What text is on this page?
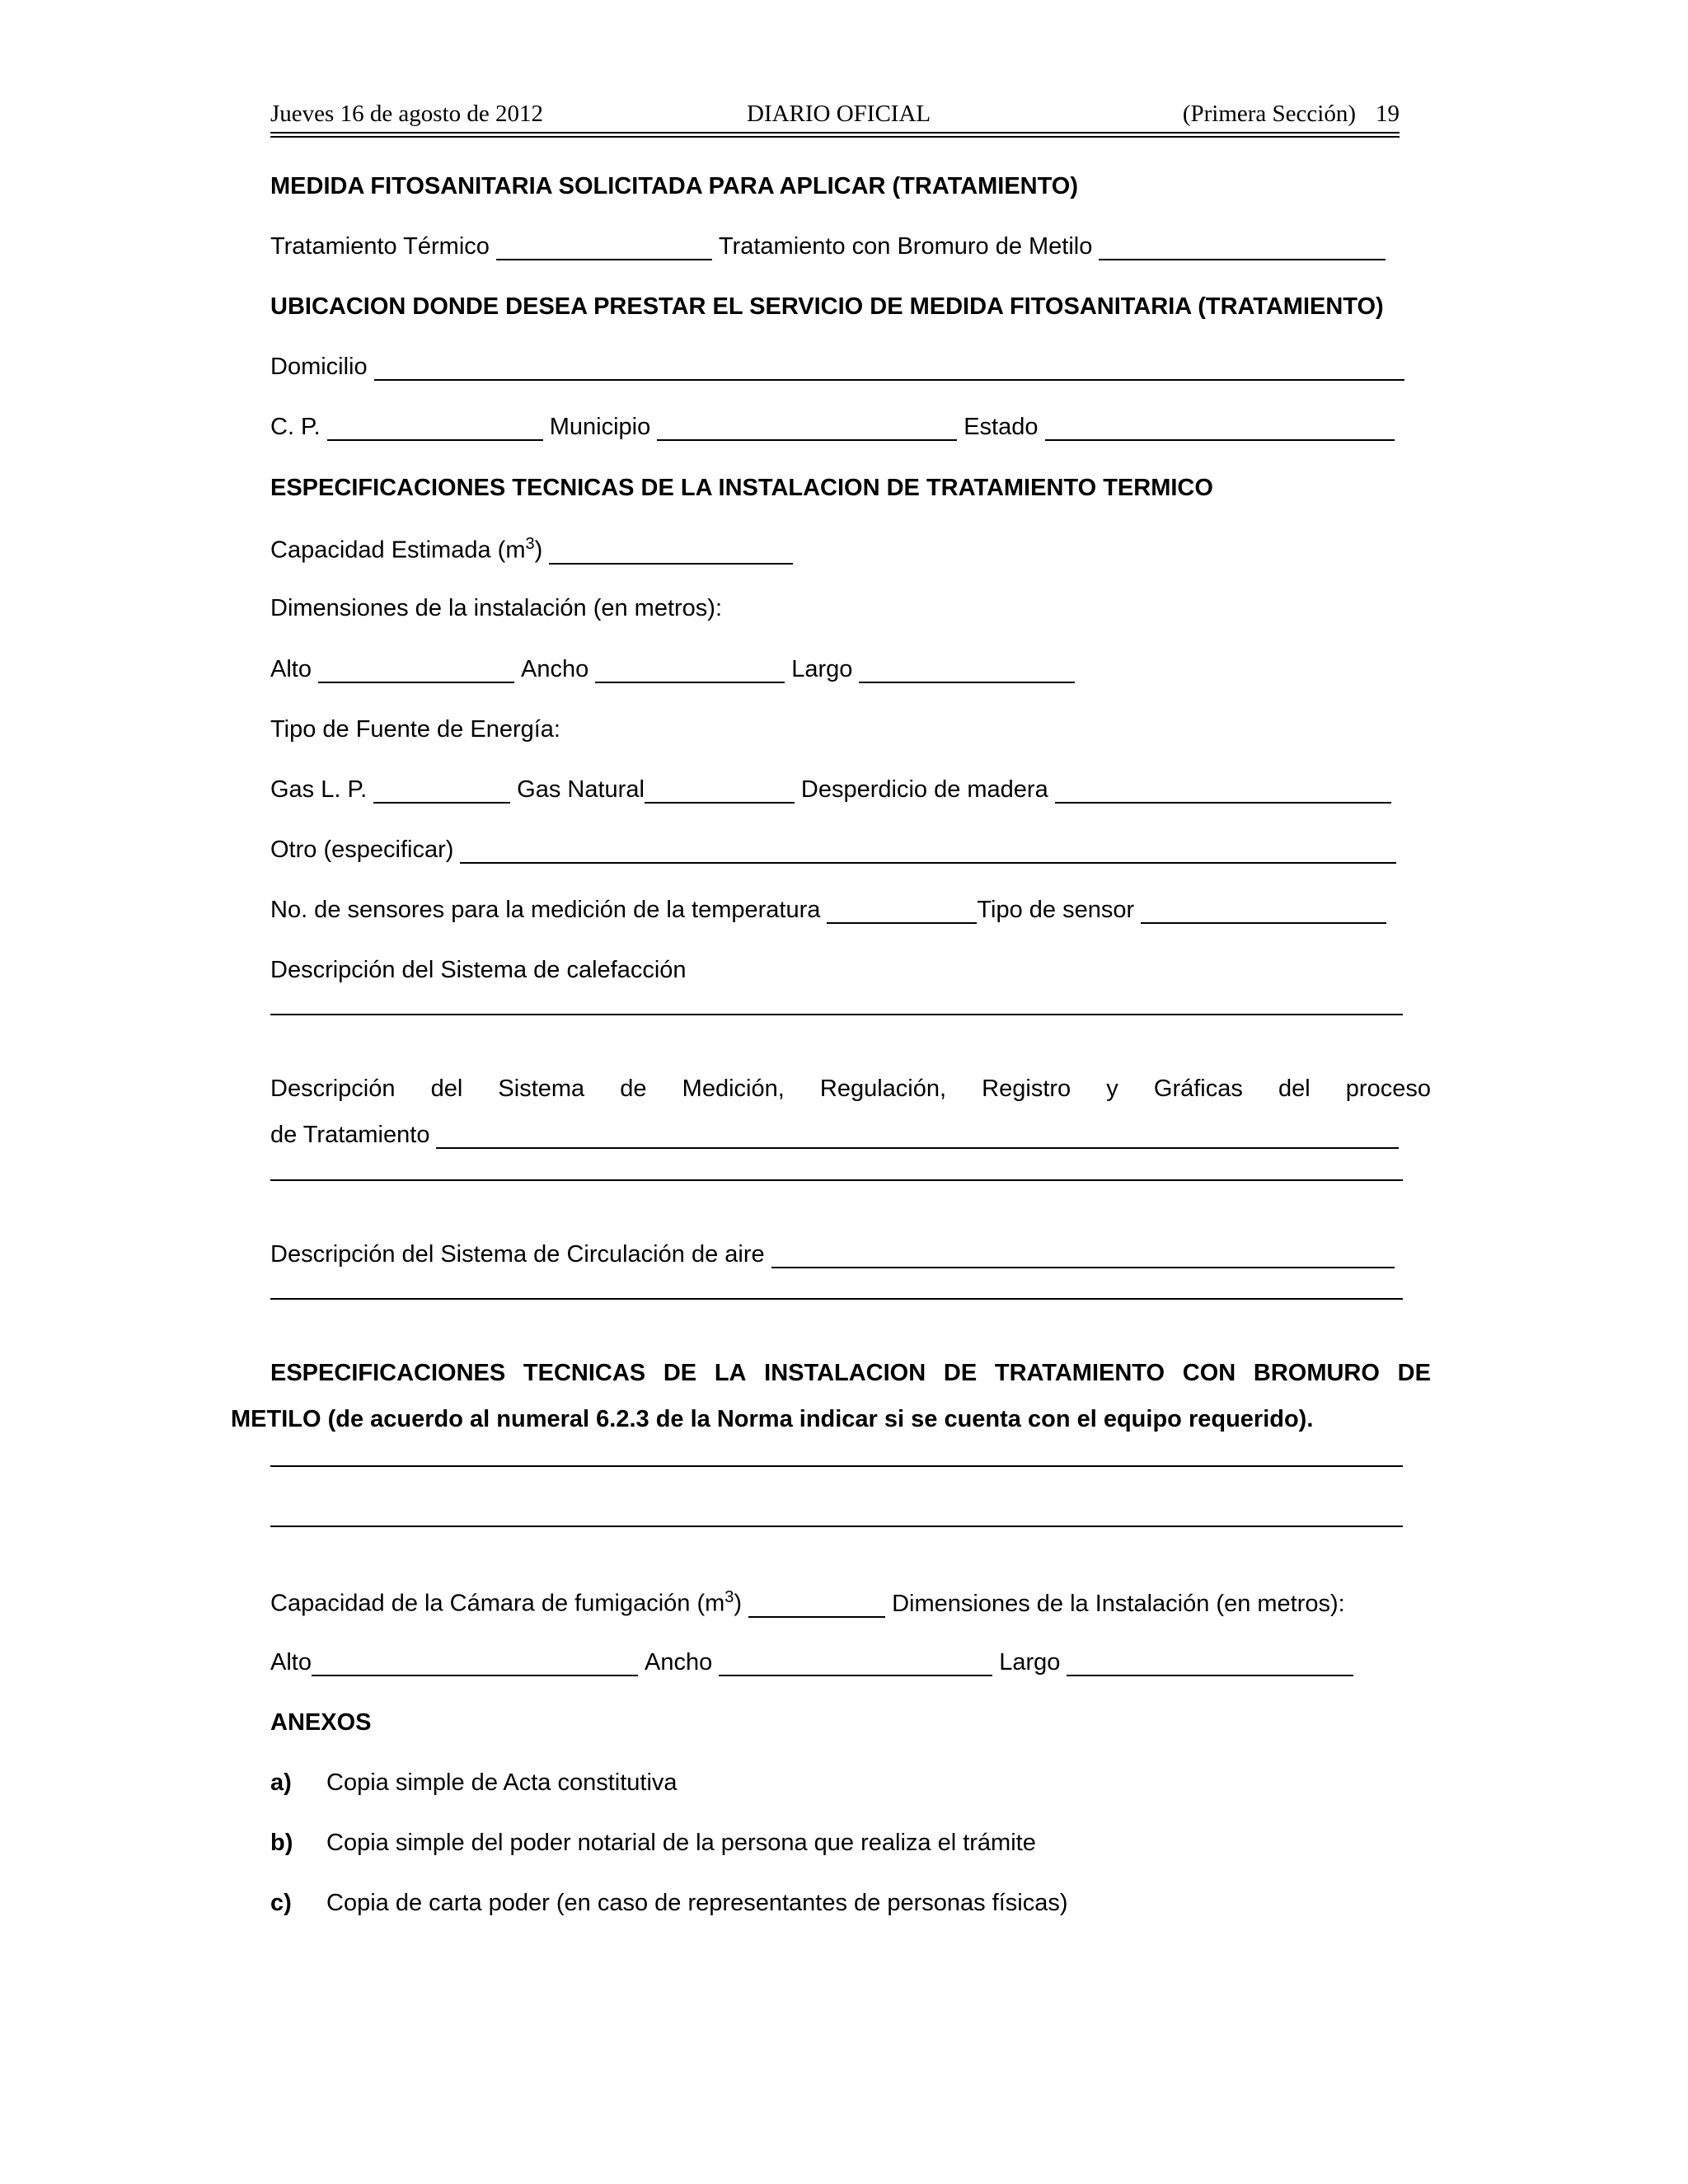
Jueves 16 de agosto de 2012	DIARIO OFICIAL	(Primera Sección) 19
MEDIDA FITOSANITARIA SOLICITADA PARA APLICAR (TRATAMIENTO)
Tratamiento Térmico	Tratamiento con Bromuro de Metilo
UBICACION DONDE DESEA PRESTAR EL SERVICIO DE MEDIDA FITOSANITARIA (TRATAMIENTO)
Domicilio
C. P.	Municipio	Estado
ESPECIFICACIONES TECNICAS DE LA INSTALACION DE TRATAMIENTO TERMICO
Capacidad Estimada $(m^3)$
Dimensiones de la instalación (en metros):
Alto	Ancho	Largo
Tipo de Fuente de Energía:
Gas L. P.	Gas Natural	Desperdicio de madera
Otro (especificar)
No. de sensores para la medición de la temperatura	Tipo de sensor
Descripción del Sistema de calefacción
Descripción del Sistema de Medición, Regulación, Registro y Gráficas del proceso
de Tratamiento
Descripción del Sistema de Circulación de aire
ESPECIFICACIONES TECNICAS DE LA INSTALACION DE TRATAMIENTO CON BROMURO DE
METILO (de acuerdo al numeral 6.2.3 de la Norma indicar si se cuenta con el equipo requerido).
Capacidad de la Cámara de fumigación $(m^3)$	Dimensiones de la Instalación (en metros):
Alto	Ancho	Largo
ANEXOS
a)	Copia simple de Acta constitutiva
b)	Copia simple del poder notarial de la persona que realiza el trámite
c)	Copia de carta poder (en caso de representantes de personas físicas)
